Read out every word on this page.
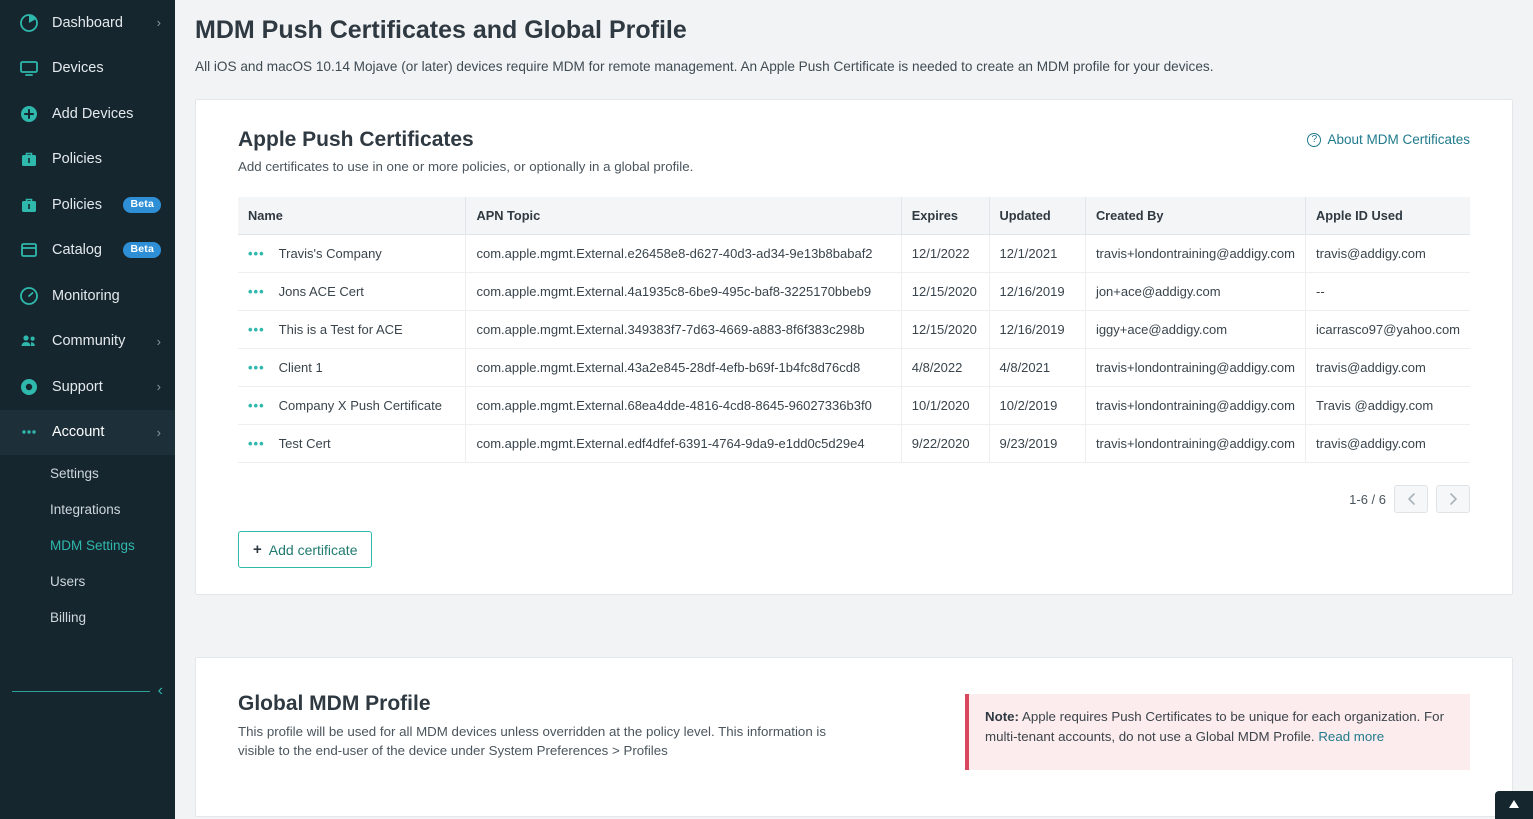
Dashboard	›
Devices
Add Devices
Policies
Policies	Beta
Catalog	Beta
Monitoring
Community	›
Support	›
Account	›
Settings
Integrations
MDM Settings
Users
Billing
‹
MDM Push Certificates and Global Profile
All iOS and macOS 10.14 Mojave (or later) devices require MDM for remote management. An Apple Push Certificate is needed to create an MDM profile for your devices.
Apple Push Certificates
Add certificates to use in one or more policies, or optionally in a global profile.
? About MDM Certificates
Name	APN Topic	Expires	Updated	Created By	Apple ID Used
••• Travis's Company	com.apple.mgmt.External.e26458e8-d627-40d3-ad34-9e13b8babaf2	12/1/2022	12/1/2021	travis+londontraining@addigy.com	travis@addigy.com
••• Jons ACE Cert	com.apple.mgmt.External.4a1935c8-6be9-495c-baf8-3225170bbeb9	12/15/2020	12/16/2019	jon+ace@addigy.com	--
••• This is a Test for ACE	com.apple.mgmt.External.349383f7-7d63-4669-a883-8f6f383c298b	12/15/2020	12/16/2019	iggy+ace@addigy.com	icarrasco97@yahoo.com
••• Client 1	com.apple.mgmt.External.43a2e845-28df-4efb-b69f-1b4fc8d76cd8	4/8/2022	4/8/2021	travis+londontraining@addigy.com	travis@addigy.com
••• Company X Push Certificate	com.apple.mgmt.External.68ea4dde-4816-4cd8-8645-96027336b3f0	10/1/2020	10/2/2019	travis+londontraining@addigy.com	Travis @addigy.com
••• Test Cert	com.apple.mgmt.External.edf4dfef-6391-4764-9da9-e1dd0c5d29e4	9/22/2020	9/23/2019	travis+londontraining@addigy.com	travis@addigy.com
1-6 / 6
+ Add certificate
Global MDM Profile
This profile will be used for all MDM devices unless overridden at the policy level. This information is visible to the end-user of the device under System Preferences > Profiles
Note: Apple requires Push Certificates to be unique for each organization. For multi-tenant accounts, do not use a Global MDM Profile. Read more
